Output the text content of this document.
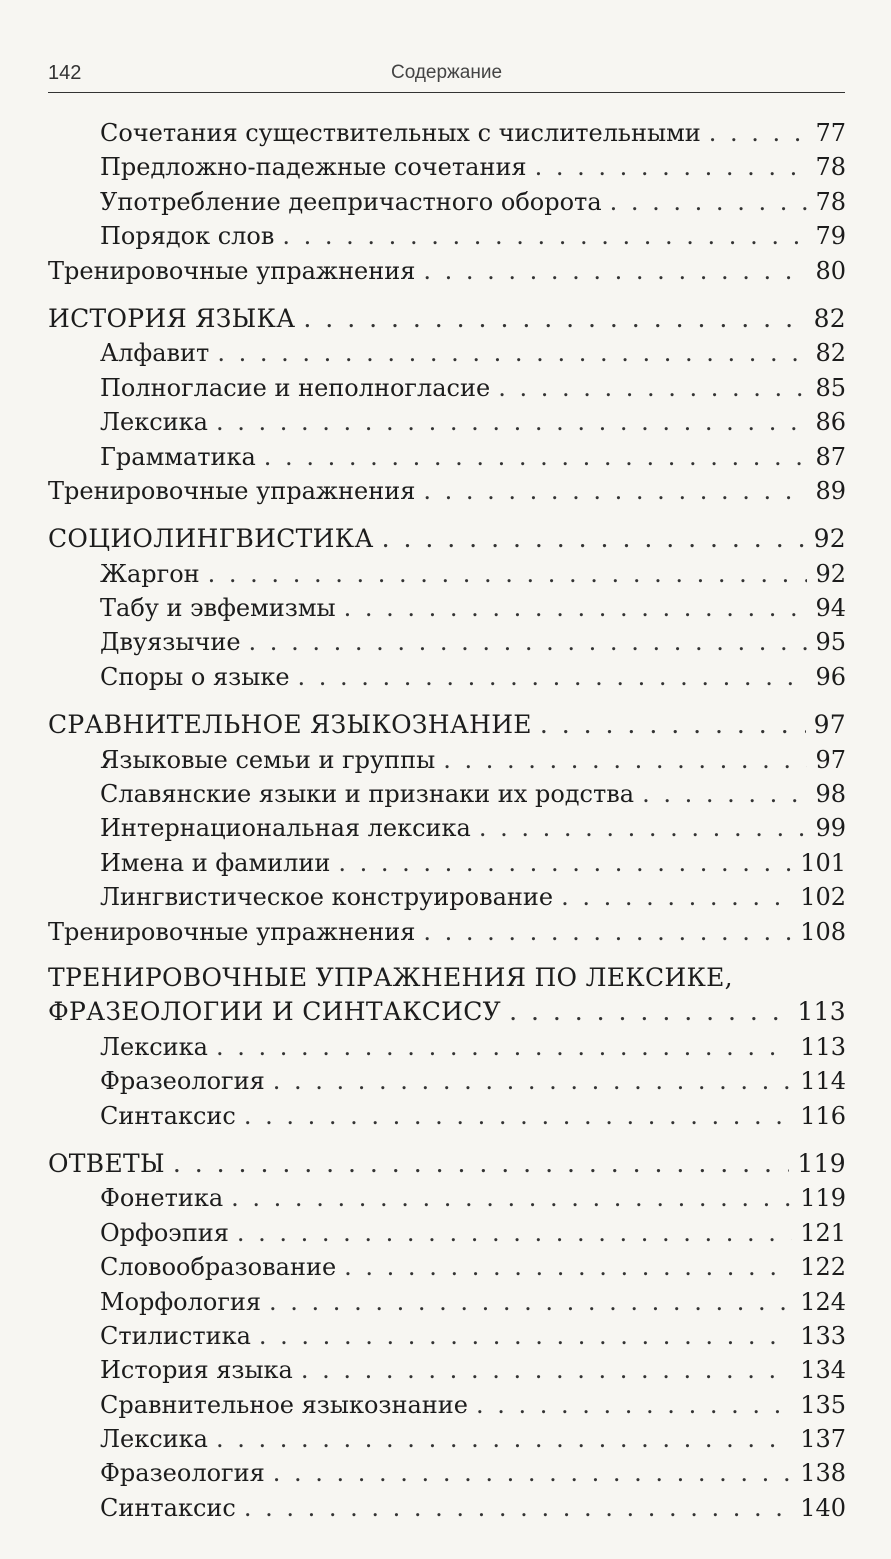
142	Содержание
Сочетания существительных с числительными . . .	77
Предложно-падежные сочетания . . .	78
Употребление деепричастного оборота . . .	78
Порядок слов . . .	79
Тренировочные упражнения . . .	80
ИСТОРИЯ ЯЗЫКА . . .	82
Алфавит . . .	82
Полногласие и неполногласие . . .	85
Лексика . . .	86
Грамматика . . .	87
Тренировочные упражнения . . .	89
СОЦИОЛИНГВИСТИКА . . .	92
Жаргон . . .	92
Табу и эвфемизмы . . .	94
Двуязычие . . .	95
Споры о языке . . .	96
СРАВНИТЕЛЬНОЕ ЯЗЫКОЗНАНИЕ . . .	97
Языковые семьи и группы . . .	97
Славянские языки и признаки их родства . . .	98
Интернациональная лексика . . .	99
Имена и фамилии . . .	101
Лингвистическое конструирование . . .	102
Тренировочные упражнения . . .	108
ТРЕНИРОВОЧНЫЕ УПРАЖНЕНИЯ ПО ЛЕКСИКЕ,
ФРАЗЕОЛОГИИ И СИНТАКСИСУ . . .	113
Лексика . . .	113
Фразеология . . .	114
Синтаксис . . .	116
ОТВЕТЫ . . .	119
Фонетика . . .	119
Орфоэпия . . .	121
Словообразование . . .	122
Морфология . . .	124
Стилистика . . .	133
История языка . . .	134
Сравнительное языкознание . . .	135
Лексика . . .	137
Фразеология . . .	138
Синтаксис . . .	140
